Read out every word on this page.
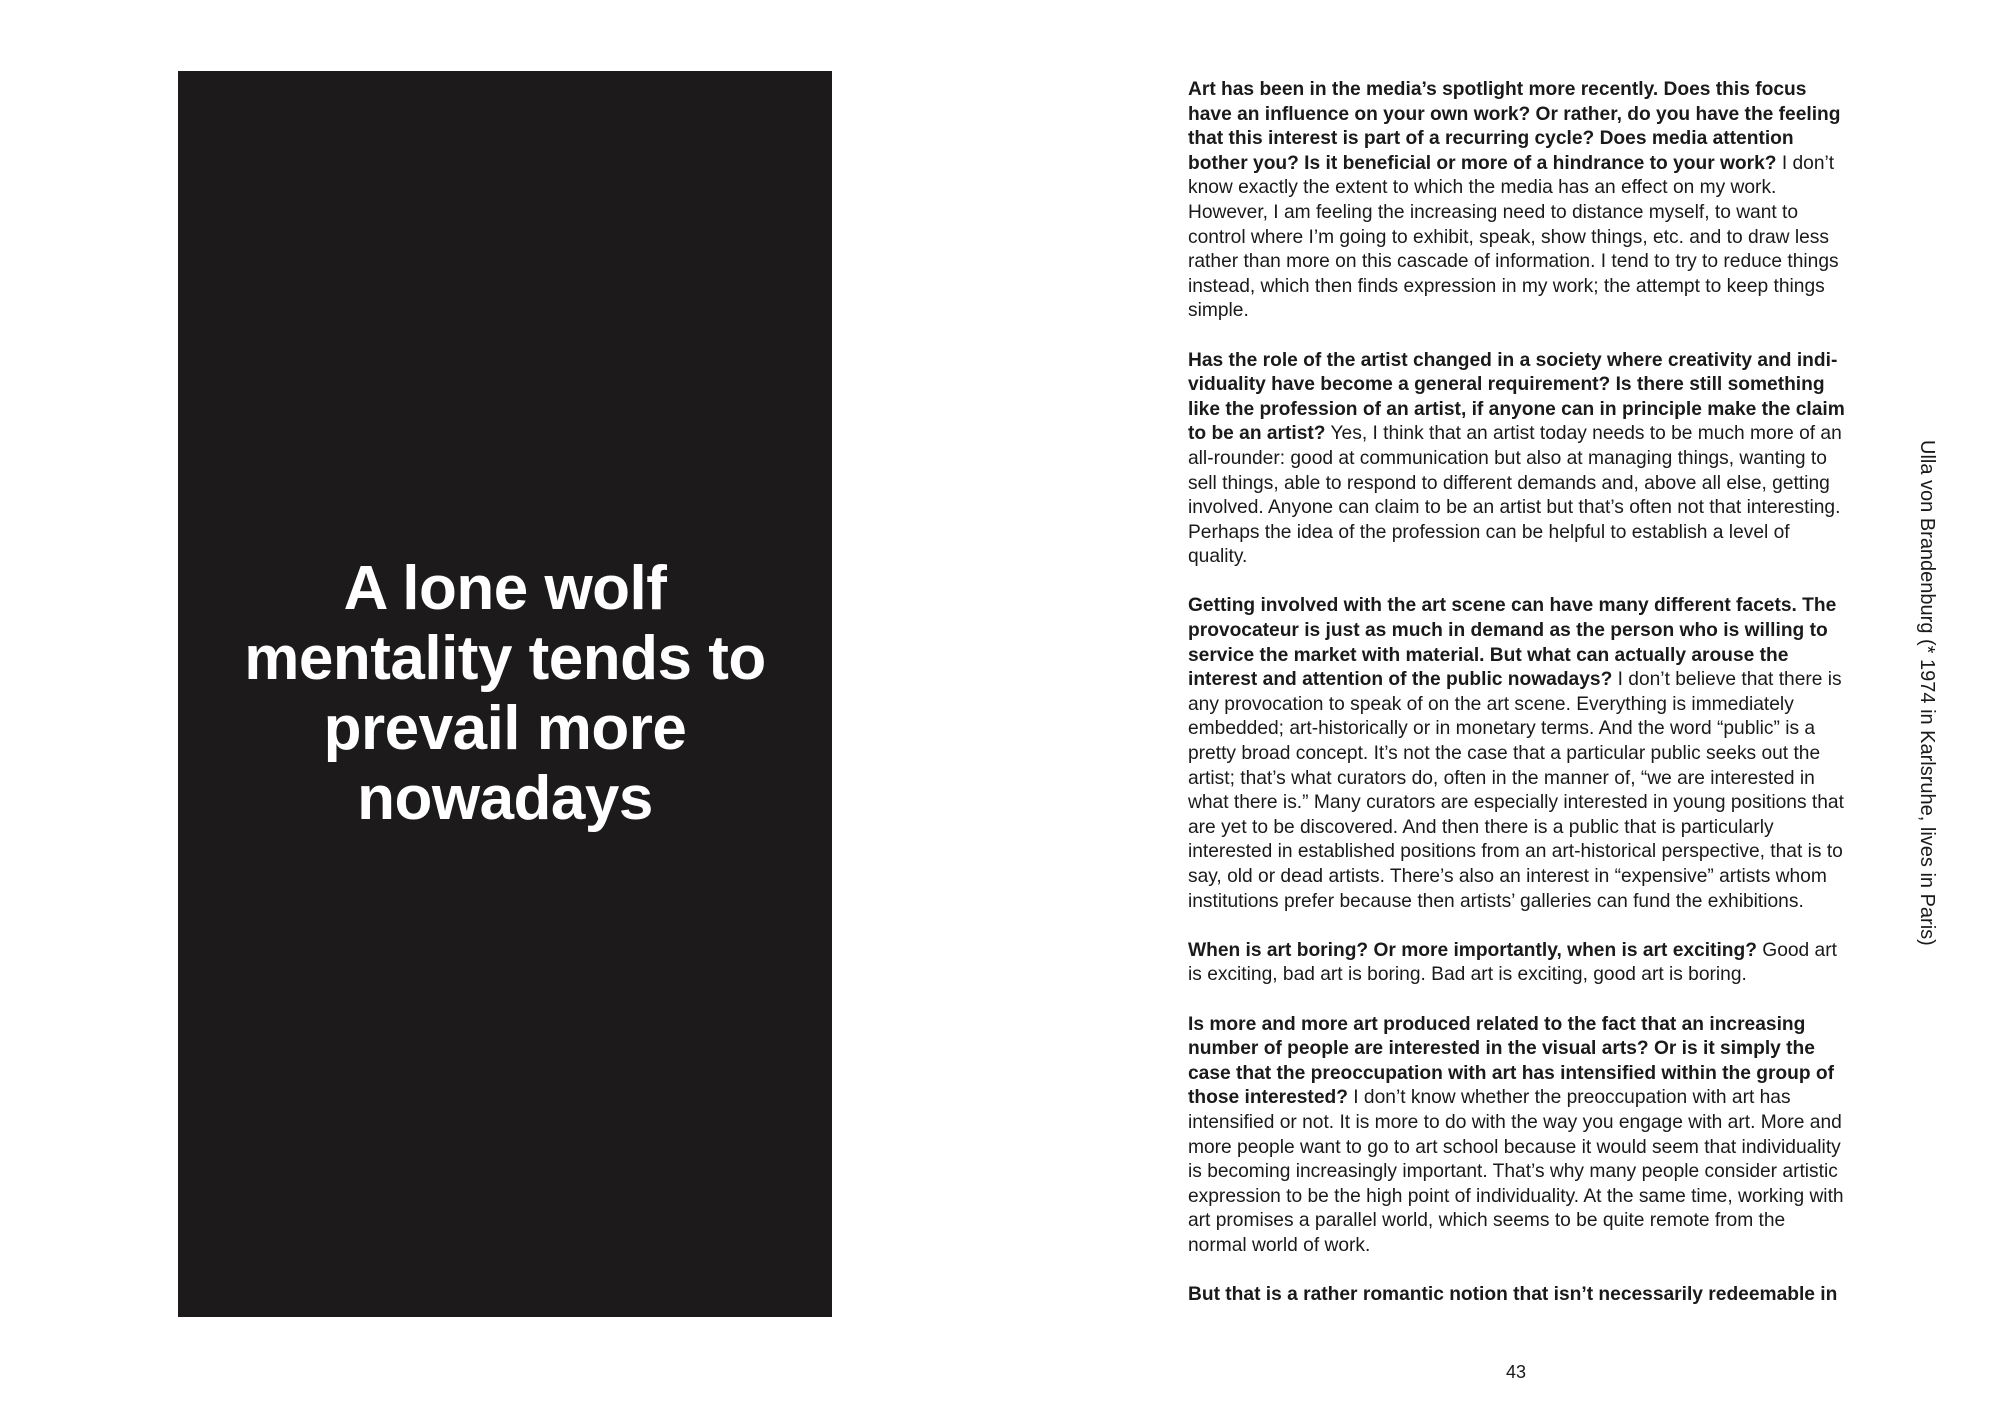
A lone wolf mentality tends to prevail more nowadays

Art has been in the media’s spotlight more recently. Does this focus have an influence on your own work? Or rather, do you have the feeling that this interest is part of a recurring cycle? Does media attention bother you? Is it beneficial or more of a hindrance to your work? I don’t know exactly the extent to which the media has an effect on my work. However, I am feeling the increasing need to distance myself, to want to control where I’m going to exhibit, speak, show things, etc. and to draw less rather than more on this cascade of information. I tend to try to reduce things instead, which then finds expression in my work; the attempt to keep things simple.

Has the role of the artist changed in a society where creativity and individuality have become a general requirement? Is there still something like the profession of an artist, if anyone can in principle make the claim to be an artist? Yes, I think that an artist today needs to be much more of an all-rounder: good at communication but also at managing things, wanting to sell things, able to respond to different demands and, above all else, getting involved. Anyone can claim to be an artist but that’s often not that interesting. Perhaps the idea of the profession can be helpful to establish a level of quality.

Getting involved with the art scene can have many different facets. The provocateur is just as much in demand as the person who is willing to service the market with material. But what can actually arouse the interest and attention of the public nowadays? I don’t believe that there is any provocation to speak of on the art scene. Everything is immediately embedded; art-historically or in monetary terms. And the word “public” is a pretty broad concept. It’s not the case that a particular public seeks out the artist; that’s what curators do, often in the manner of, “we are interested in what there is.” Many curators are especially interested in young positions that are yet to be discovered. And then there is a public that is particularly interested in established positions from an art-historical perspective, that is to say, old or dead artists. There’s also an interest in “expensive” artists whom institutions prefer because then artists’ galleries can fund the exhibitions.

When is art boring? Or more importantly, when is art exciting? Good art is exciting, bad art is boring. Bad art is exciting, good art is boring.

Is more and more art produced related to the fact that an increasing number of people are interested in the visual arts? Or is it simply the case that the preoccupation with art has intensified within the group of those interested? I don’t know whether the preoccupation with art has intensified or not. It is more to do with the way you engage with art. More and more people want to go to art school because it would seem that individuality is becoming increasingly important. That’s why many people consider artistic expression to be the high point of individuality. At the same time, working with art promises a parallel world, which seems to be quite remote from the normal world of work.

But that is a rather romantic notion that isn’t necessarily redeemable in

Ulla von Brandenburg (* 1974 in Karlsruhe, lives in Paris)
43
